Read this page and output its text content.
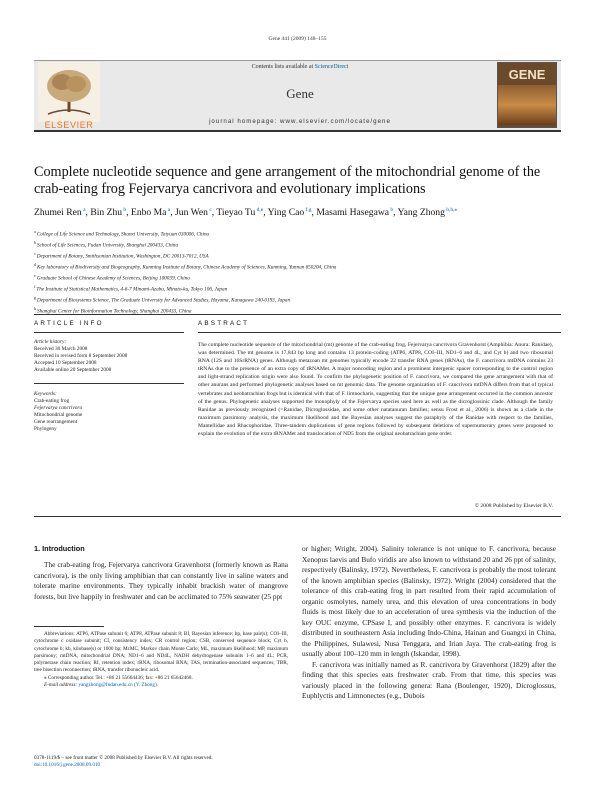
Gene 441 (2009) 148–155
ELSEVIER
Contents lists available at ScienceDirect
Gene
journal homepage: www.elsevier.com/locate/gene
GENE
Complete nucleotide sequence and gene arrangement of the mitochondrial genome of the crab-eating frog Fejervarya cancrivora and evolutionary implications
Zhumei Ren $^a$, Bin Zhu $^b$, Enbo Ma $^a$, Jun Wen $^c$, Tieyao Tu $^{d,e}$, Ying Cao $^{f,g}$, Masami Hasegawa $^b$, Yang Zhong $^{b,h,⁎}$
$^a$ College of Life Science and Technology, Shanxi University, Taiyuan 030006, China
$^b$ School of Life Sciences, Fudan University, Shanghai 200433, China
$^c$ Department of Botany, Smithsonian Institution, Washington, DC 20013-7012, USA
$^d$ Key laboratory of Biodiversity and Biogeography, Kunming Institute of Botany, Chinese Academy of Sciences, Kunming, Yunnan 650204, China
$^e$ Graduate School of Chinese Academy of Sciences, Beijing 100039, China
$^f$ The Institute of Statistical Mathematics, 4-6-7 Minami-Azabu, Minato-ku, Tokyo 106, Japan
$^g$ Department of Biosystems Science, The Graduate University for Advanced Studies, Hayama, Kanagawa 240-0193, Japan
$^h$ Shanghai Center for Bioinformation Technology, Shanghai 200433, China
ARTICLE INFO	ABSTRACT
Article history:
Received 30 March 2008
Received in revised form 8 September 2008
Accepted 10 September 2008
Available online 20 September 2008
Keywords:
Crab-eating frog
Fejervarya cancrivora
Mitochondrial genome
Gene rearrangement
Phylogeny
The complete nucleotide sequence of the mitochondrial (mt) genome of the crab-eating frog, Fejervarya cancrivora Gravenhorst (Amphibia: Anura: Ranidae), was determined. The mt genome is 17,843 bp long and contains 13 protein-coding (ATP6, ATP8, COI–III, ND1–6 and 4L, and Cyt b) and two ribosomal RNA (12S and 16SrRNA) genes. Although metazoan mt genomes typically encode 22 transfer RNA genes (tRNAs), the F. cancrivora mtDNA contains 23 tRNAs due to the presence of an extra copy of tRNAMet. A major noncoding region and a prominent intergenic spacer corresponding to the control region and light-strand replication origin were also found. To confirm the phylogenetic position of F. cancrivora, we compared the gene arrangement with that of other anurans and performed phylogenetic analyses based on mt genomic data. The genome organization of F. cancrivora mtDNA differs from that of typical vertebrates and neobatrachian frogs but is identical with that of F. limnocharis, suggesting that the unique gene arrangement occurred in the common ancestor of the genus. Phylogenetic analyses supported the monophyly of the Fejervarya species used here as well as the dicroglossinic clade. Although the family Ranidae as previously recognized (=Ranidae, Dicroglossidae, and some other natatanuran families; sensu Frost et al., 2006) is shown as a clade in the maximum parsimony analysis, the maximum likelihood and the Bayesian analyses suggest the paraphyly of the Ranidae with respect to the families, Mantellidae and Rhacophoridae. Three-tandem duplications of gene regions followed by subsequent deletions of supernumerary genes were proposed to explain the evolution of the extra tRNAMet and translocation of ND5 from the original neobatrachian gene order.
© 2008 Published by Elsevier B.V.
1. Introduction

The crab-eating frog, Fejervarya cancrivora Gravenhorst (formerly known as Rana cancrivora), is the only living amphibian that can constantly live in saline waters and tolerate marine environments. They typically inhabit brackish water of mangrove forests, but live happily in freshwater and can be acclimated to 75% seawater (25 ppt

or higher; Wright, 2004). Salinity tolerance is not unique to F. cancrivora, because Xenopus laevis and Bufo viridis are also known to withstand 20 and 26 ppt of salinity, respectively (Balinsky, 1972). Nevertheless, F. cancrivora is probably the most tolerant of the known amphibian species (Balinsky, 1972). Wright (2004) considered that the tolerance of this crab-eating frog in part resulted from their rapid accumulation of organic osmolytes, namely urea, and this elevation of urea concentrations in body fluids is most likely due to an acceleration of urea synthesis via the induction of the key OUC enzyme, CPSase I, and possibly other enzymes. F. cancrivora is widely distributed in southeastern Asia including Indo-China, Hainan and Guangxi in China, the Philippines, Sulawesi, Nusa Tenggara, and Irian Jaya. The crab-eating frog is usually about 100–120 mm in length (Iskandar, 1998).

F. cancrivora was initially named as R. cancrivora by Gravenhorst (1829) after the finding that this species eats freshwater crab. From that time, this species was variously placed in the following genera: Rana (Boulenger, 1920), Dicroglossus, Euphlyctis and Limnonectes (e.g., Dubois

Abbreviations: ATP6, ATPase subunit 6; ATP8, ATPase subunit 8; BI, Bayesian inference; bp, base pair(s); COI–III, cytochrome c oxidase subunit; CI, consistency index; CR control region; CSB, conserved sequence block; Cyt b, cytochrome b; kb, kilobase(s) or 1000 bp; McMC, Markov chain Monte Carlo; ML, maximum likelihood; MP, maximum parsimony; mtDNA, mitochondrial DNA; ND1–6 and ND4L, NADH dehydrogenase subunits 1–6 and 4L; PCR, polymerase chain reaction; RI, retention index; rRNA, ribosomal RNA; TAS, termination-associated sequences; TBR, tree bisection reconnection; tRNA, transfer ribonucleic acid.
⁎ Corresponding author. Tel.: +86 21 55664436; fax: +86 21 65642468.
E-mail address: yangzhong@fudan.edu.cn (Y. Zhong).
0378-1119/$ – see front matter © 2008 Published by Elsevier B.V. All rights reserved.
doi:10.1016/j.gene.2008.09.010
